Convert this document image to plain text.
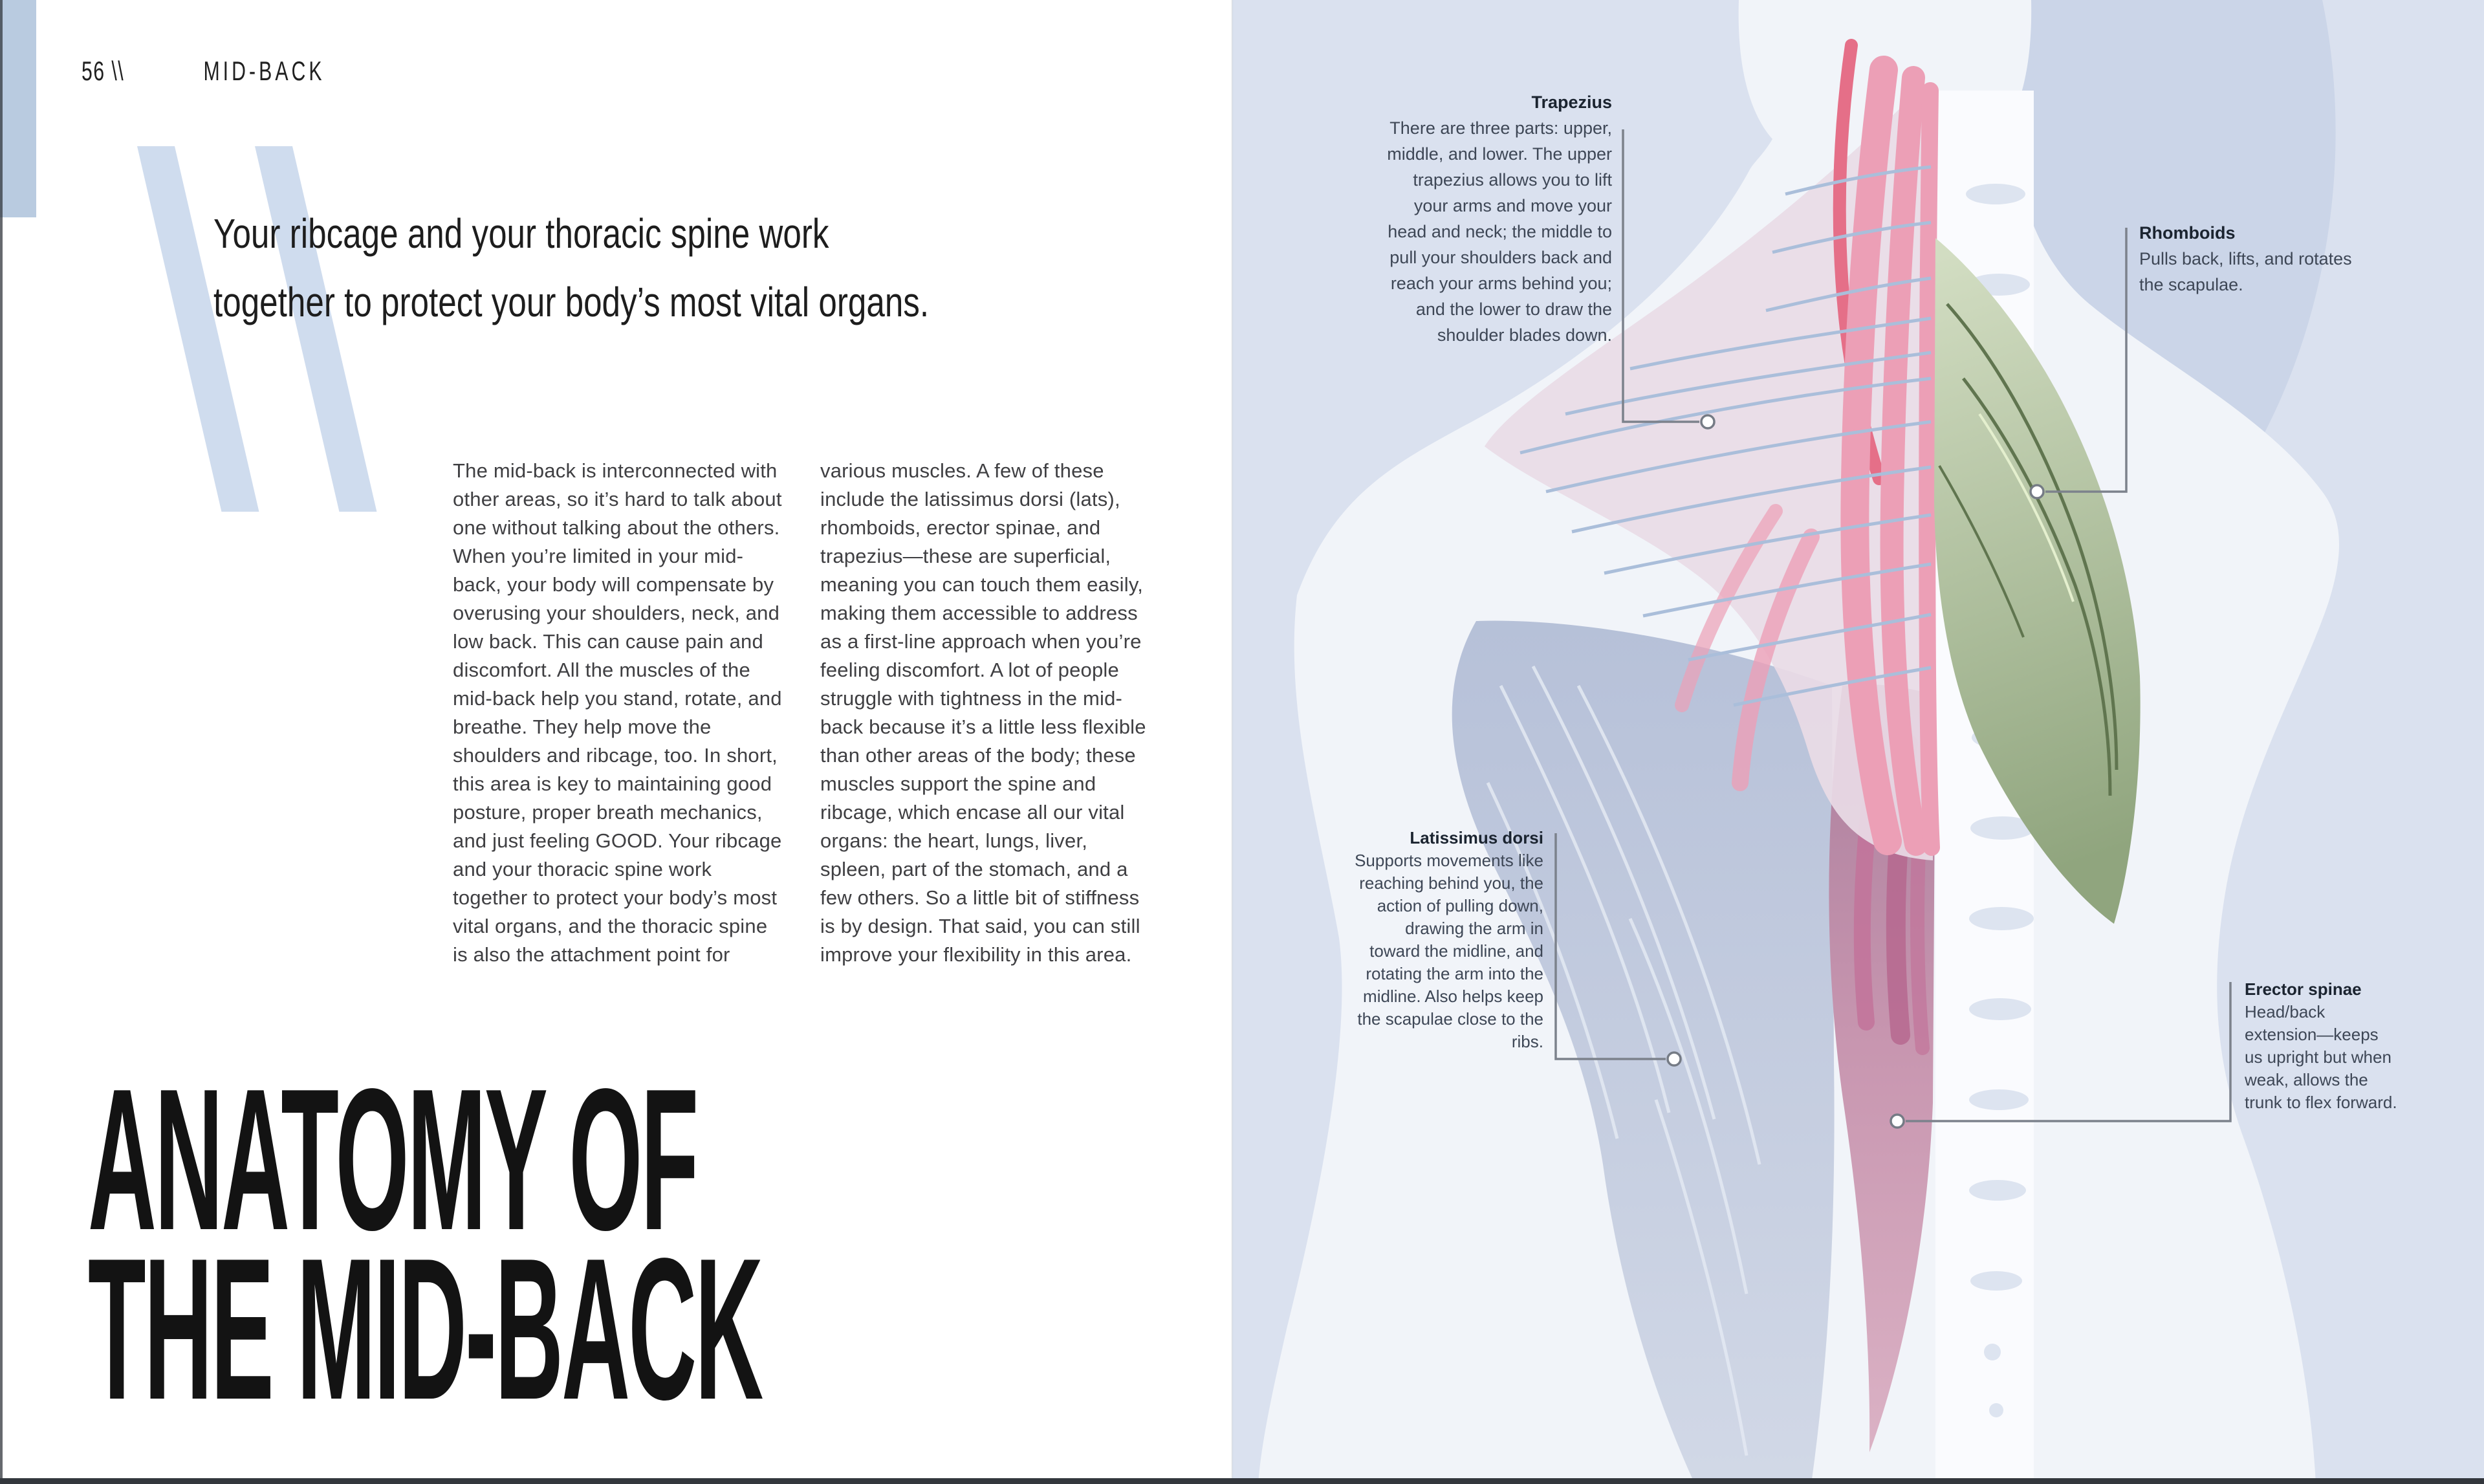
56 \\	MID-BACK
Your ribcage and your thoracic spine work
together to protect your body’s most vital organs.
The mid-back is interconnected with other areas, so it’s hard to talk about one without talking about the others. When you’re limited in your mid-back, your body will compensate by overusing your shoulders, neck, and low back. This can cause pain and discomfort. All the muscles of the mid-back help you stand, rotate, and breathe. They help move the shoulders and ribcage, too. In short, this area is key to maintaining good posture, proper breath mechanics, and just feeling GOOD. Your ribcage and your thoracic spine work together to protect your body’s most vital organs, and the thoracic spine is also the attachment point for
various muscles. A few of these include the latissimus dorsi (lats), rhomboids, erector spinae, and trapezius—these are superficial, meaning you can touch them easily, making them accessible to address as a first-line approach when you’re feeling discomfort. A lot of people struggle with tightness in the mid-back because it’s a little less flexible than other areas of the body; these muscles support the spine and ribcage, which encase all our vital organs: the heart, lungs, liver, spleen, part of the stomach, and a few others. So a little bit of stiffness is by design. That said, you can still improve your flexibility in this area.
ANATOMY OF
THE MID-BACK
Trapezius
There are three parts: upper, middle, and lower. The upper trapezius allows you to lift your arms and move your head and neck; the middle to pull your shoulders back and reach your arms behind you; and the lower to draw the shoulder blades down.
Rhomboids
Pulls back, lifts, and rotates the scapulae.
Latissimus dorsi
Supports movements like reaching behind you, the action of pulling down, drawing the arm in toward the midline, and rotating the arm into the midline. Also helps keep the scapulae close to the ribs.
Erector spinae
Head/back extension—keeps us upright but when weak, allows the trunk to flex forward.
